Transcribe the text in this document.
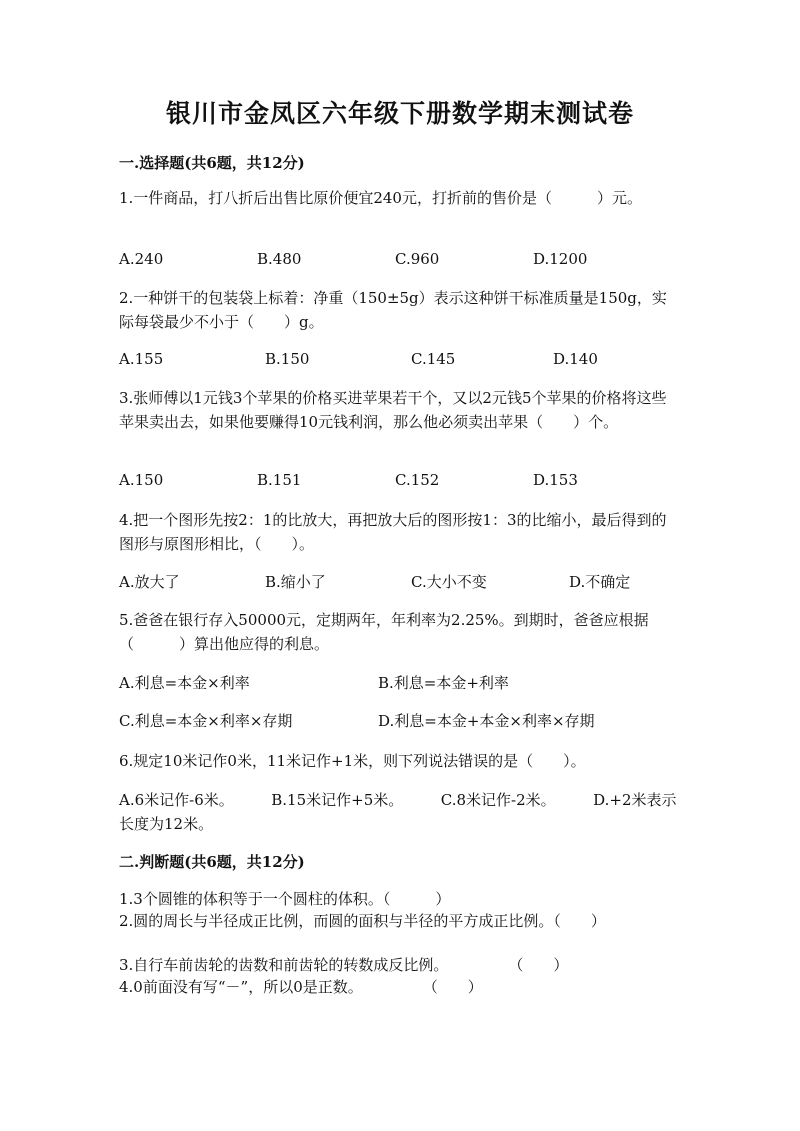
银川市金凤区六年级下册数学期末测试卷
一.选择题(共6题，共12分)
1.一件商品，打八折后出售比原价便宜240元，打折前的售价是（　　　）元。
A.240	B.480	C.960	D.1200
2.一种饼干的包装袋上标着：净重（150±5g）表示这种饼干标准质量是150g，实际每袋最少不小于（　　）g。
A.155	B.150	C.145	D.140
3.张师傅以1元钱3个苹果的价格买进苹果若干个，又以2元钱5个苹果的价格将这些苹果卖出去，如果他要赚得10元钱利润，那么他必须卖出苹果（　　）个。
A.150	B.151	C.152	D.153
4.把一个图形先按2：1的比放大，再把放大后的图形按1：3的比缩小，最后得到的图形与原图形相比，（　　）。
A.放大了	B.缩小了	C.大小不变	D.不确定
5.爸爸在银行存入50000元，定期两年，年利率为2.25%。到期时，爸爸应根据（　　　）算出他应得的利息。
A.利息=本金×利率	B.利息=本金+利率
C.利息=本金×利率×存期	D.利息=本金+本金×利率×存期
6.规定10米记作0米，11米记作+1米，则下列说法错误的是（　　）。
A.6米记作-6米。　　　B.15米记作+5米。　　　C.8米记作-2米。　　　D.+2米表示长度为12米。
二.判断题(共6题，共12分)
1.3个圆锥的体积等于一个圆柱的体积。（　　　）
2.圆的周长与半径成正比例，而圆的面积与半径的平方成正比例。（　　）
3.自行车前齿轮的齿数和前齿轮的转数成反比例。　　　　　（　　）
4.0前面没有写“－”，所以0是正数。　　　　　（　　）
